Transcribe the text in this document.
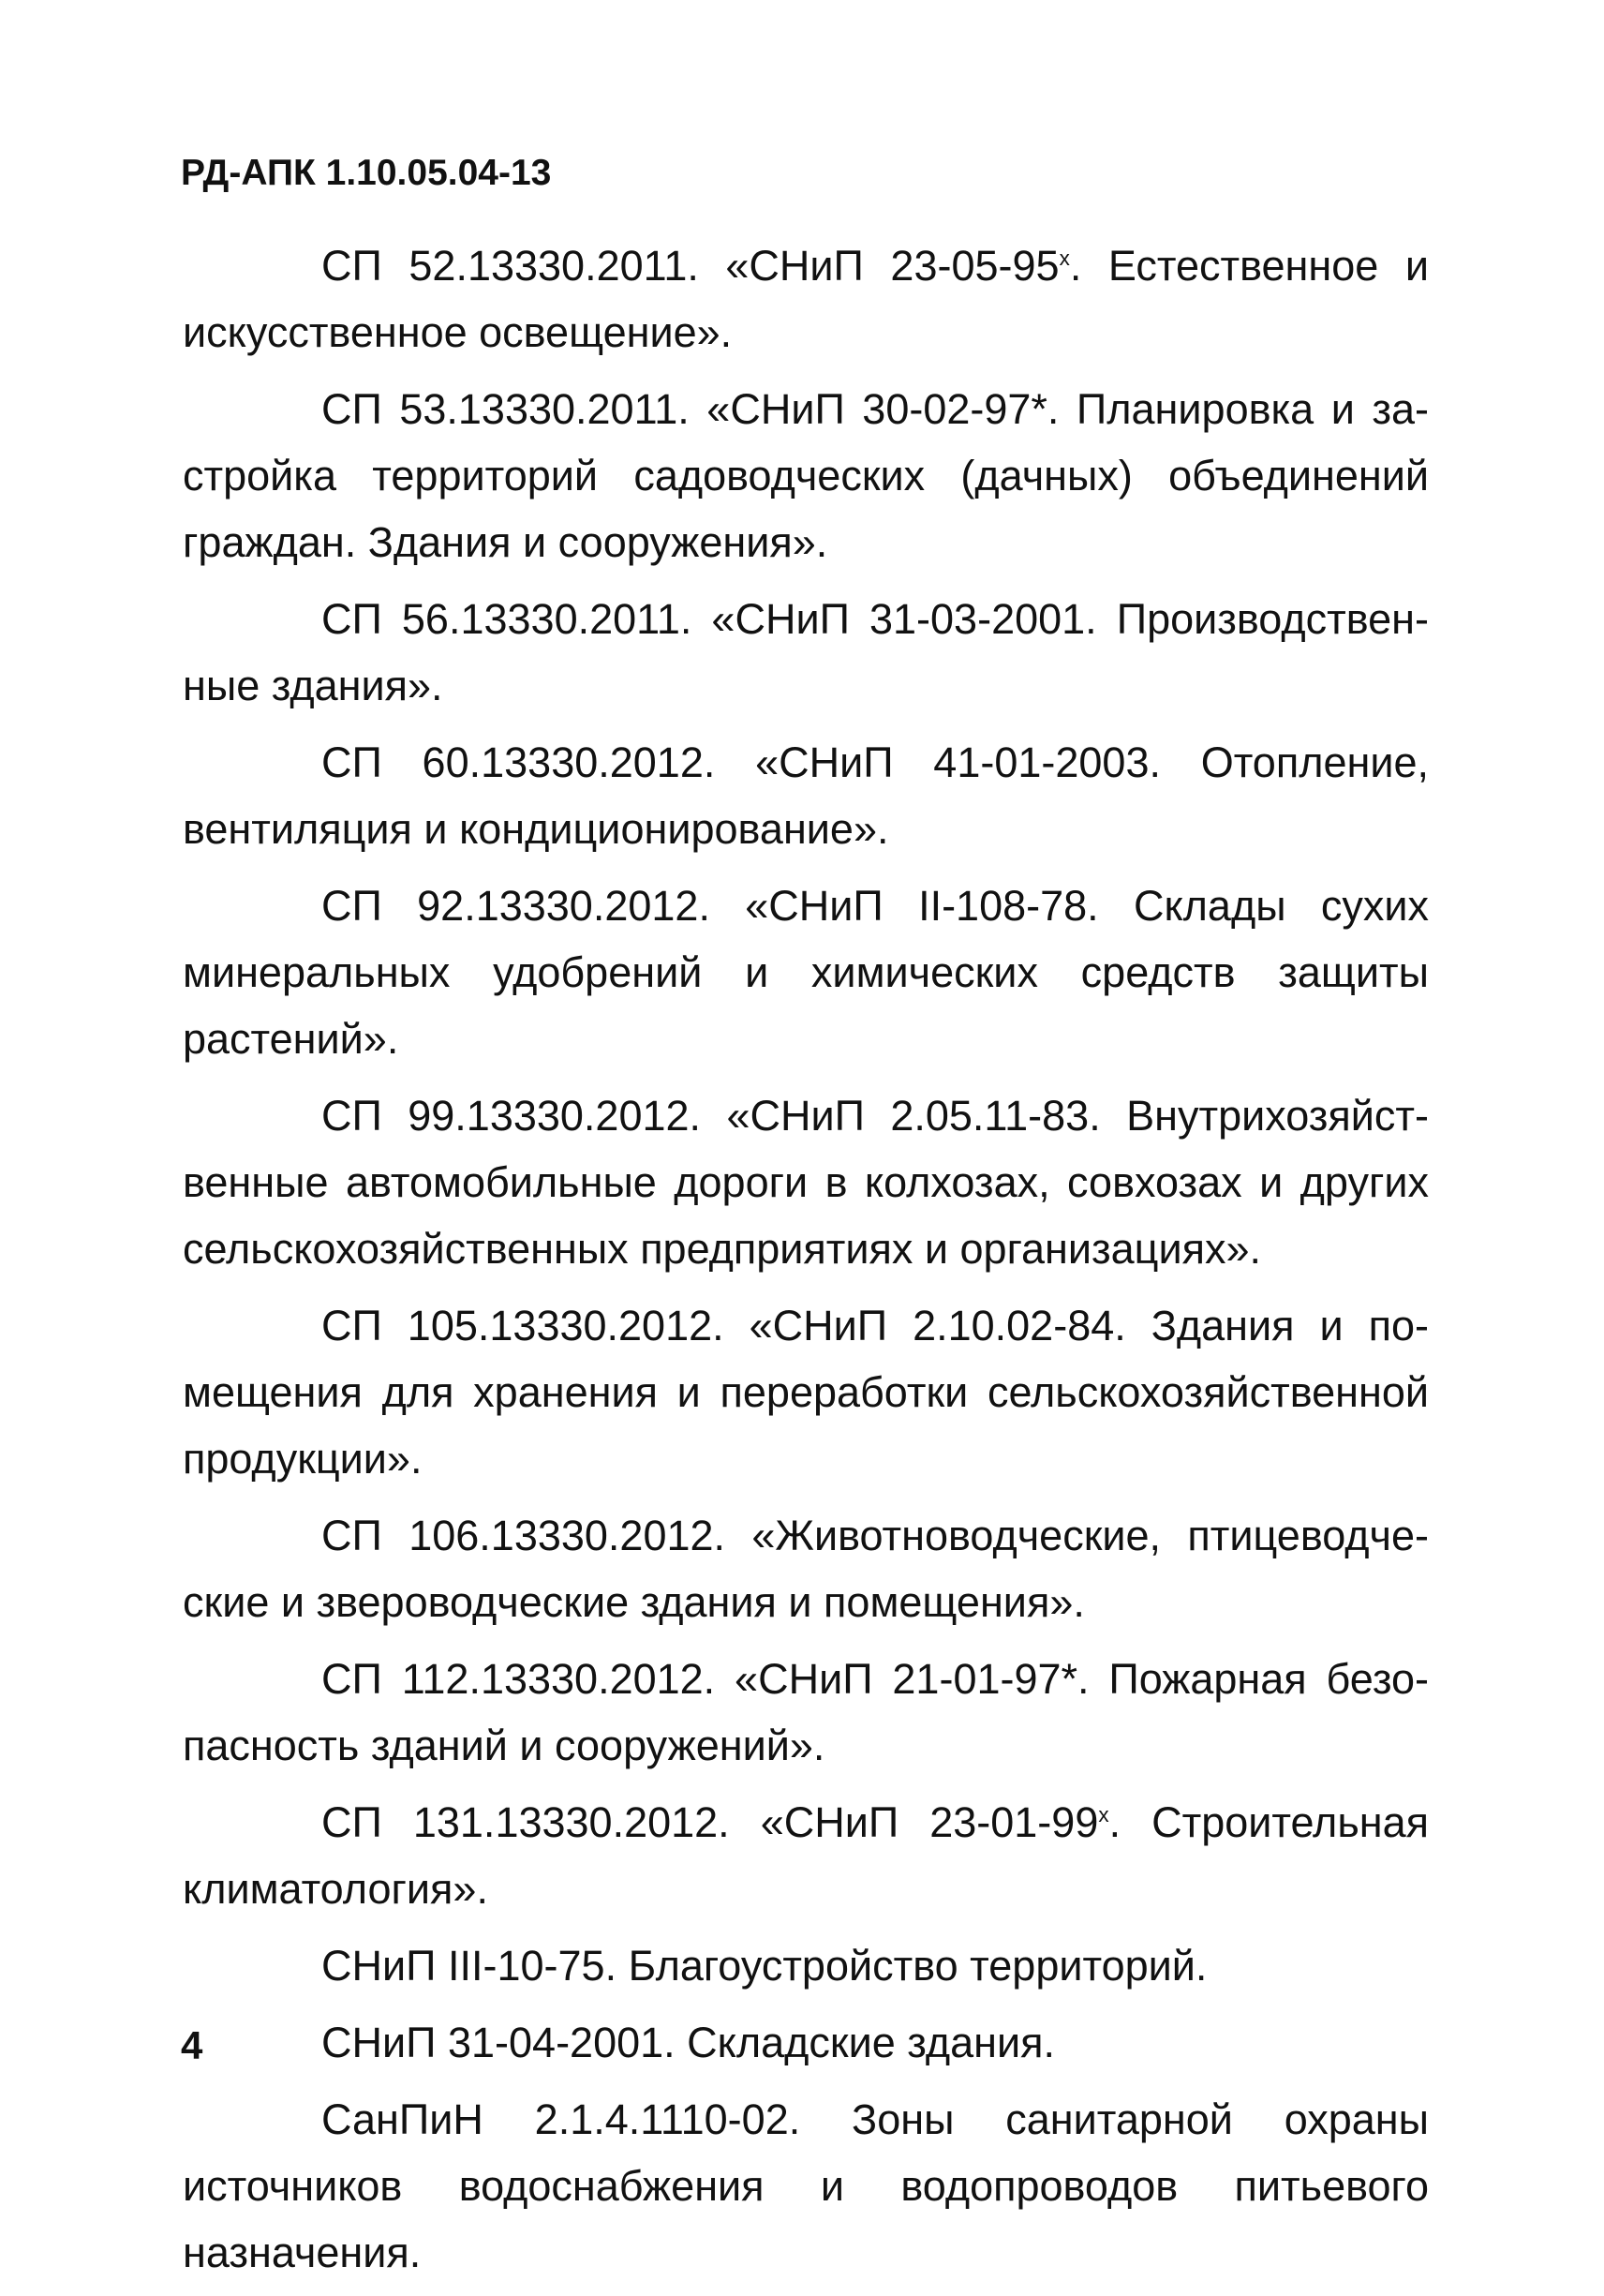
РД-АПК 1.10.05.04-13

СП 52.13330.2011. «СНиП 23-05-95$^x$. Естественное и искусственное освещение».

СП 53.13330.2011. «СНиП 30-02-97*. Планировка и застройка территорий садоводческих (дачных) объединений граждан. Здания и сооружения».

СП 56.13330.2011. «СНиП 31-03-2001. Производственные здания».

СП 60.13330.2012. «СНиП 41-01-2003. Отопление, вентиляция и кондиционирование».

СП 92.13330.2012. «СНиП II-108-78. Склады сухих минеральных удобрений и химических средств защиты растений».

СП 99.13330.2012. «СНиП 2.05.11-83. Внутрихозяйственные автомобильные дороги в колхозах, совхозах и других сельскохозяйственных предприятиях и организациях».

СП 105.13330.2012. «СНиП 2.10.02-84. Здания и помещения для хранения и переработки сельскохозяйственной продукции».

СП 106.13330.2012. «Животноводческие, птицеводческие и звероводческие здания и помещения».

СП 112.13330.2012. «СНиП 21-01-97*. Пожарная безопасность зданий и сооружений».

СП 131.13330.2012. «СНиП 23-01-99$^x$. Строительная климатология».

СНиП III-10-75. Благоустройство территорий.

СНиП 31-04-2001. Складские здания.

СанПиН 2.1.4.1110-02. Зоны санитарной охраны источников водоснабжения и водопроводов питьевого назначения.

4
